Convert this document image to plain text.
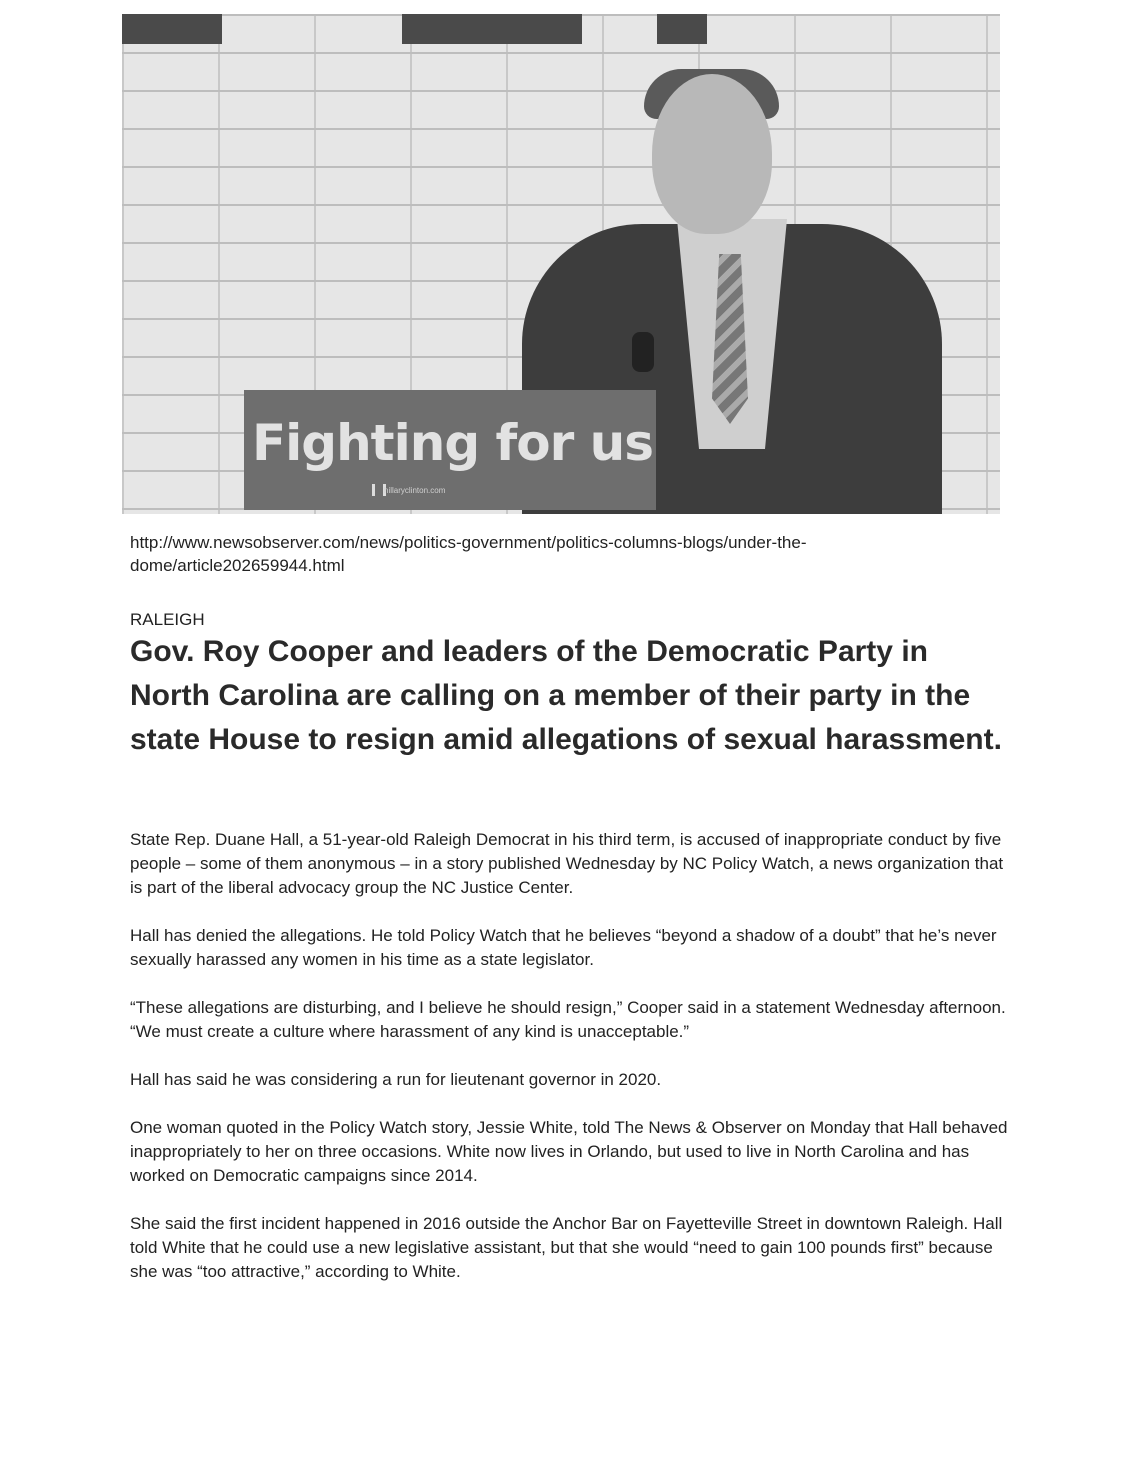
Fighting for us
hillaryclinton.com
http://www.newsobserver.com/news/politics-government/politics-columns-blogs/under-the-dome/article202659944.html
RALEIGH
Gov. Roy Cooper and leaders of the Democratic Party in North Carolina are calling on a member of their party in the state House to resign amid allegations of sexual harassment.

State Rep. Duane Hall, a 51-year-old Raleigh Democrat in his third term, is accused of inappropriate conduct by five people – some of them anonymous – in a story published Wednesday by NC Policy Watch, a news organization that is part of the liberal advocacy group the NC Justice Center.

Hall has denied the allegations. He told Policy Watch that he believes “beyond a shadow of a doubt” that he’s never sexually harassed any women in his time as a state legislator.

“These allegations are disturbing, and I believe he should resign,” Cooper said in a statement Wednesday afternoon. “We must create a culture where harassment of any kind is unacceptable.”

Hall has said he was considering a run for lieutenant governor in 2020.

One woman quoted in the Policy Watch story, Jessie White, told The News & Observer on Monday that Hall behaved inappropriately to her on three occasions. White now lives in Orlando, but used to live in North Carolina and has worked on Democratic campaigns since 2014.

She said the first incident happened in 2016 outside the Anchor Bar on Fayetteville Street in downtown Raleigh. Hall told White that he could use a new legislative assistant, but that she would “need to gain 100 pounds first” because she was “too attractive,” according to White.
